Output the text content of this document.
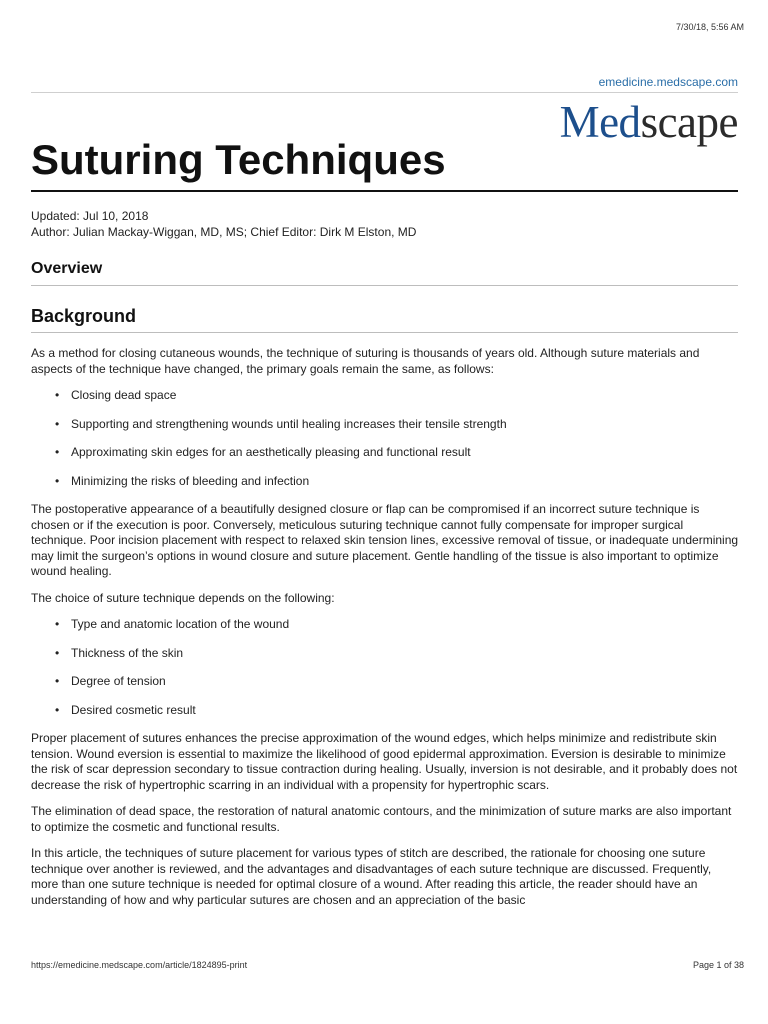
7/30/18, 5:56 AM
emedicine.medscape.com
Medscape
Suturing Techniques
Updated: Jul 10, 2018
Author: Julian Mackay-Wiggan, MD, MS; Chief Editor: Dirk M Elston, MD
Overview
Background

As a method for closing cutaneous wounds, the technique of suturing is thousands of years old. Although suture materials and aspects of the technique have changed, the primary goals remain the same, as follows:

• Closing dead space
• Supporting and strengthening wounds until healing increases their tensile strength
• Approximating skin edges for an aesthetically pleasing and functional result
• Minimizing the risks of bleeding and infection

The postoperative appearance of a beautifully designed closure or flap can be compromised if an incorrect suture technique is chosen or if the execution is poor. Conversely, meticulous suturing technique cannot fully compensate for improper surgical technique. Poor incision placement with respect to relaxed skin tension lines, excessive removal of tissue, or inadequate undermining may limit the surgeon’s options in wound closure and suture placement. Gentle handling of the tissue is also important to optimize wound healing.

The choice of suture technique depends on the following:

• Type and anatomic location of the wound
• Thickness of the skin
• Degree of tension
• Desired cosmetic result

Proper placement of sutures enhances the precise approximation of the wound edges, which helps minimize and redistribute skin tension. Wound eversion is essential to maximize the likelihood of good epidermal approximation. Eversion is desirable to minimize the risk of scar depression secondary to tissue contraction during healing. Usually, inversion is not desirable, and it probably does not decrease the risk of hypertrophic scarring in an individual with a propensity for hypertrophic scars.

The elimination of dead space, the restoration of natural anatomic contours, and the minimization of suture marks are also important to optimize the cosmetic and functional results.

In this article, the techniques of suture placement for various types of stitch are described, the rationale for choosing one suture technique over another is reviewed, and the advantages and disadvantages of each suture technique are discussed. Frequently, more than one suture technique is needed for optimal closure of a wound. After reading this article, the reader should have an understanding of how and why particular sutures are chosen and an appreciation of the basic

https://emedicine.medscape.com/article/1824895-print	Page 1 of 38
